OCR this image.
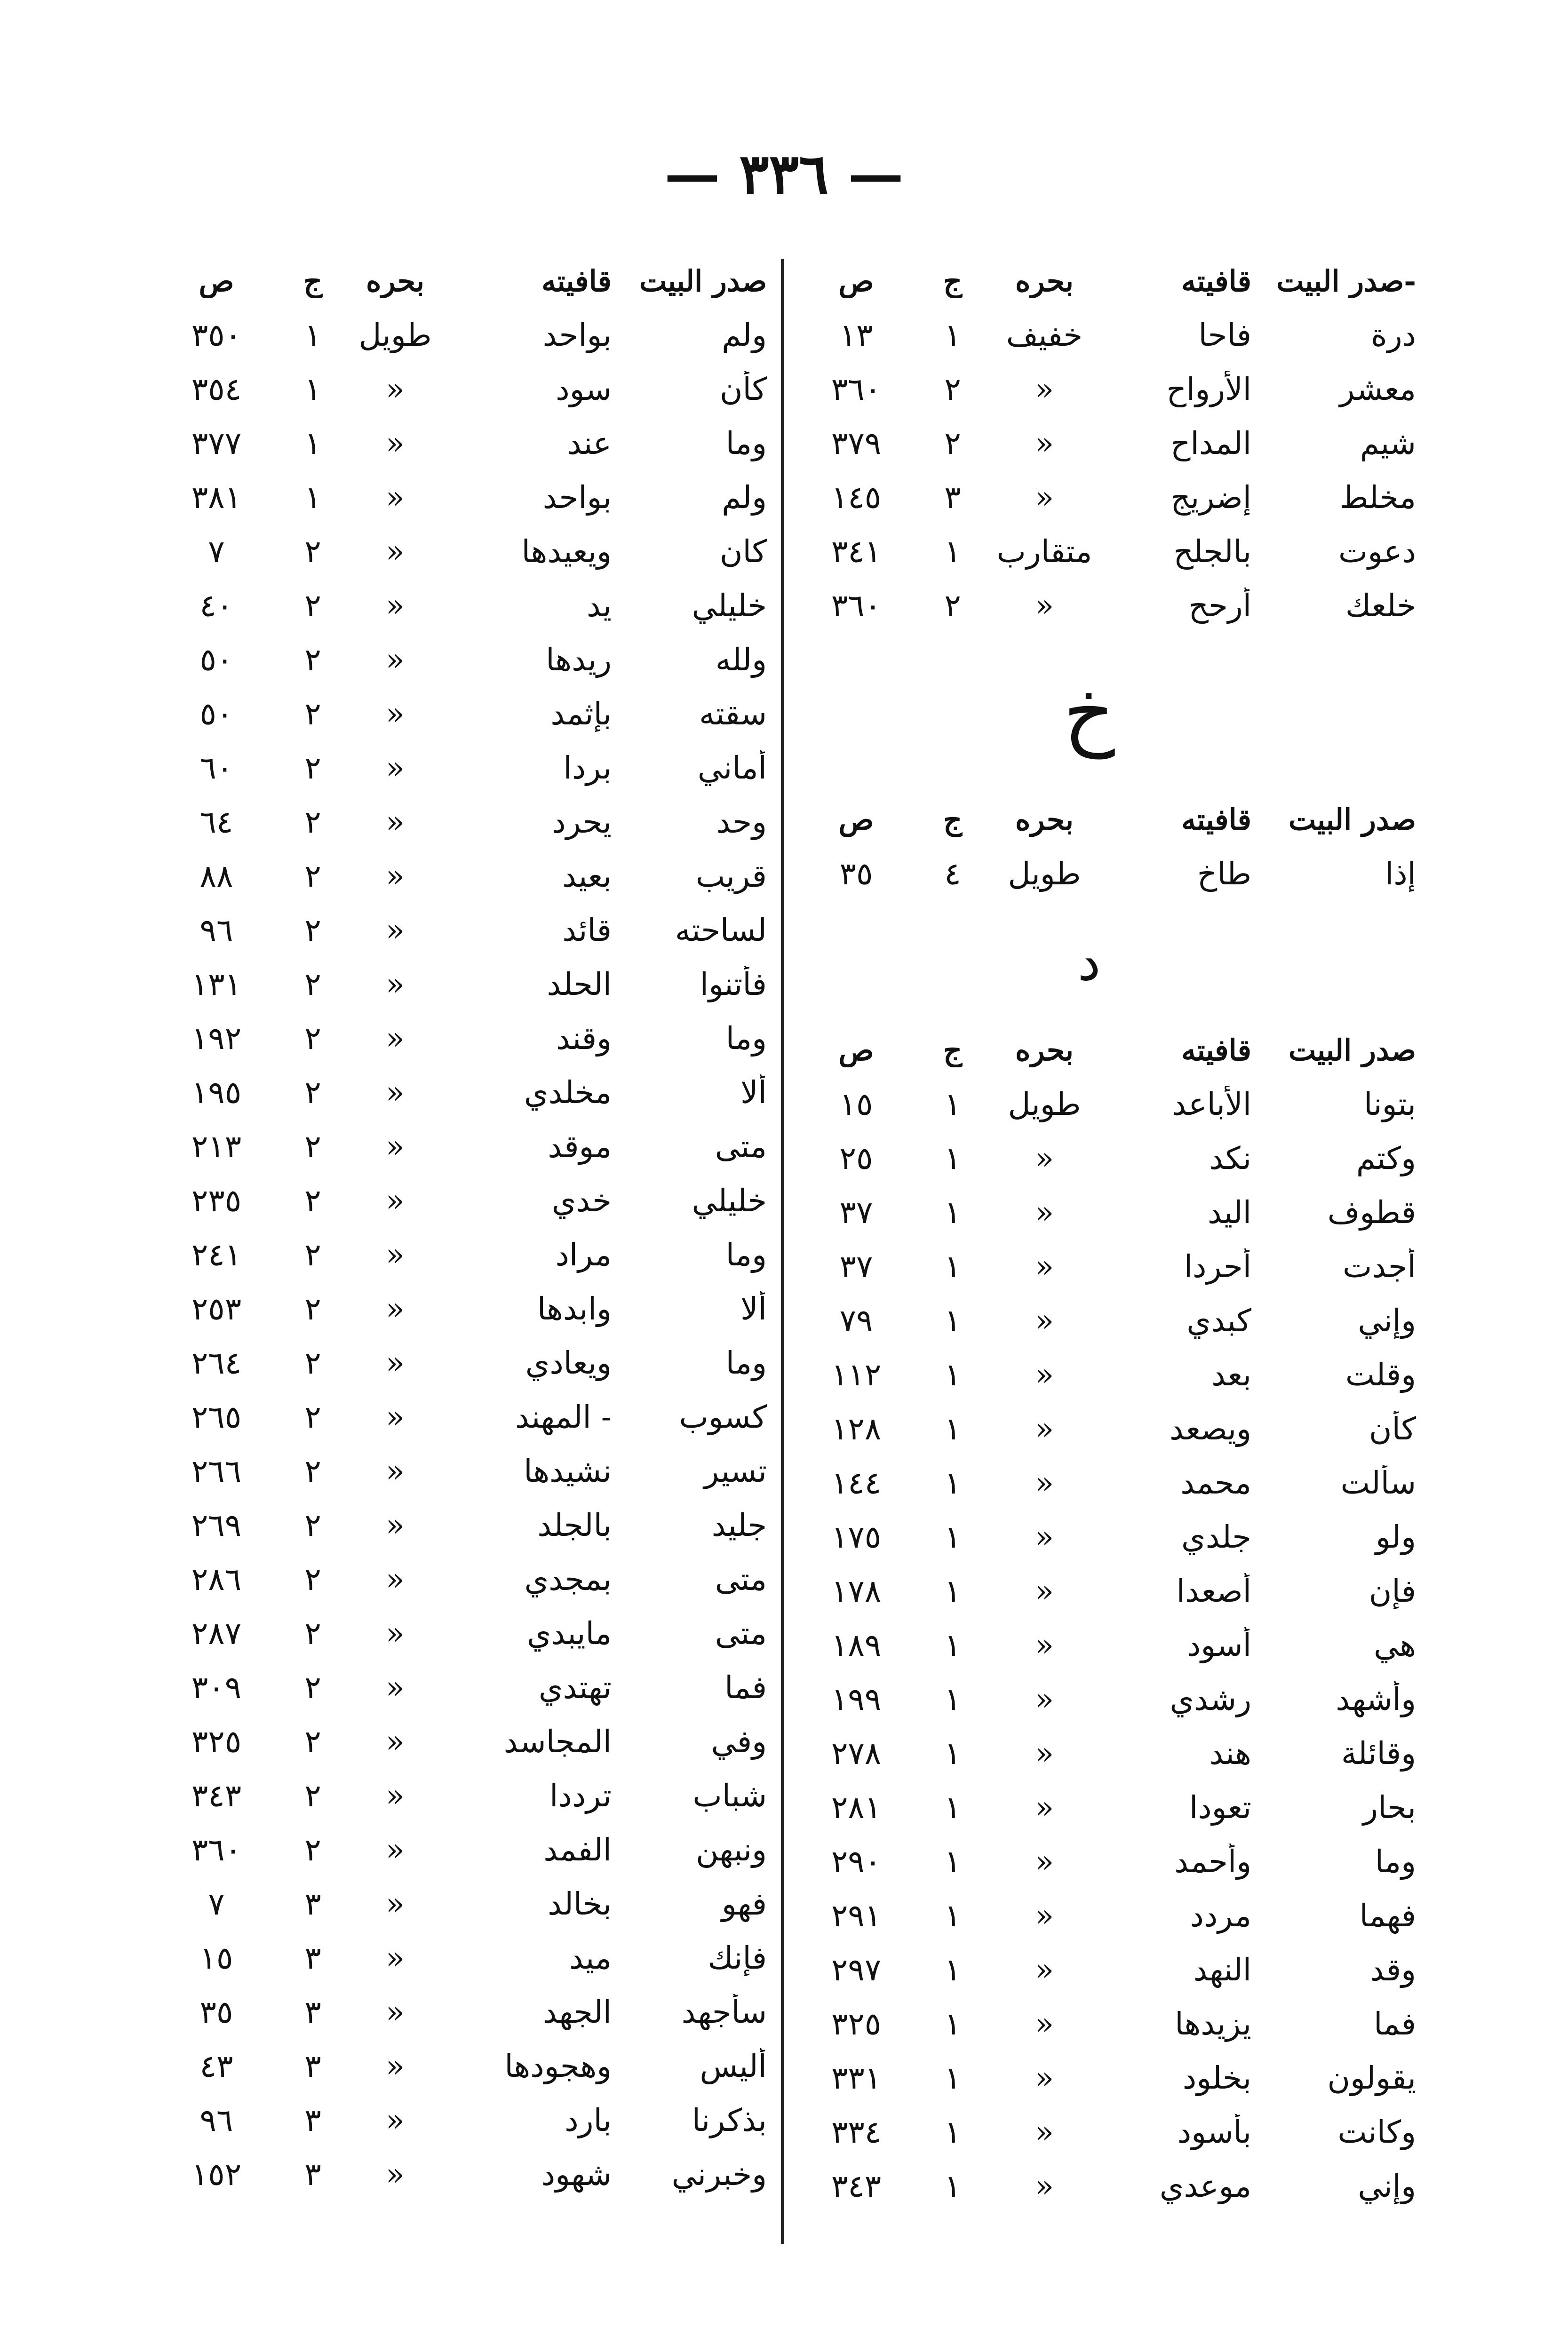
— ٣٣٦ —
-صدر البيت
قافيته
بحره
ج
ص
درة
فاحا
خفيف
١
١٣
معشر
الأرواح
«
٢
٣٦٠
شيم
المداح
«
٢
٣٧٩
مخلط
إضريج
«
٣
١٤٥
دعوت
بالجلح
متقارب
١
٣٤١
خلعك
أرحح
«
٢
٣٦٠
خ
صدر البيت
قافيته
بحره
ج
ص
إذا
طاخ
طويل
٤
٣٥
د
صدر البيت
قافيته
بحره
ج
ص
بتونا
الأباعد
طويل
١
١٥
وكتم
نكد
«
١
٢٥
قطوف
اليد
«
١
٣٧
أجدت
أحردا
«
١
٣٧
وإني
كبدي
«
١
٧٩
وقلت
بعد
«
١
١١٢
كأن
ويصعد
«
١
١٢٨
سألت
محمد
«
١
١٤٤
ولو
جلدي
«
١
١٧٥
فإن
أصعدا
«
١
١٧٨
هي
أسود
«
١
١٨٩
وأشهد
رشدي
«
١
١٩٩
وقائلة
هند
«
١
٢٧٨
بحار
تعودا
«
١
٢٨١
وما
وأحمد
«
١
٢٩٠
فهما
مردد
«
١
٢٩١
وقد
النهد
«
١
٢٩٧
فما
يزيدها
«
١
٣٢٥
يقولون
بخلود
«
١
٣٣١
وكانت
بأسود
«
١
٣٣٤
وإني
موعدي
«
١
٣٤٣
صدر البيت
قافيته
بحره
ج
ص
ولم
بواحد
طويل
١
٣٥٠
كأن
سود
«
١
٣٥٤
وما
عند
«
١
٣٧٧
ولم
بواحد
«
١
٣٨١
كان
ويعيدها
«
٢
٧
خليلي
يد
«
٢
٤٠
ولله
ريدها
«
٢
٥٠
سقته
بإثمد
«
٢
٥٠
أماني
بردا
«
٢
٦٠
وحد
يحرد
«
٢
٦٤
قريب
بعيد
«
٢
٨٨
لساحته
قائد
«
٢
٩٦
فأتنوا
الحلد
«
٢
١٣١
وما
وقند
«
٢
١٩٢
ألا
مخلدي
«
٢
١٩٥
متى
موقد
«
٢
٢١٣
خليلي
خدي
«
٢
٢٣٥
وما
مراد
«
٢
٢٤١
ألا
وابدها
«
٢
٢٥٣
وما
ويعادي
«
٢
٢٦٤
كسوب
- المهند
«
٢
٢٦٥
تسير
نشيدها
«
٢
٢٦٦
جليد
بالجلد
«
٢
٢٦٩
متى
بمجدي
«
٢
٢٨٦
متى
مايبدي
«
٢
٢٨٧
فما
تهتدي
«
٢
٣٠٩
وفي
المجاسد
«
٢
٣٢٥
شباب
ترددا
«
٢
٣٤٣
ونبهن
الفمد
«
٢
٣٦٠
فهو
بخالد
«
٣
٧
فإنك
ميد
«
٣
١٥
سأجهد
الجهد
«
٣
٣٥
أليس
وهجودها
«
٣
٤٣
بذكرنا
بارد
«
٣
٩٦
وخبرني
شهود
«
٣
١٥٢
